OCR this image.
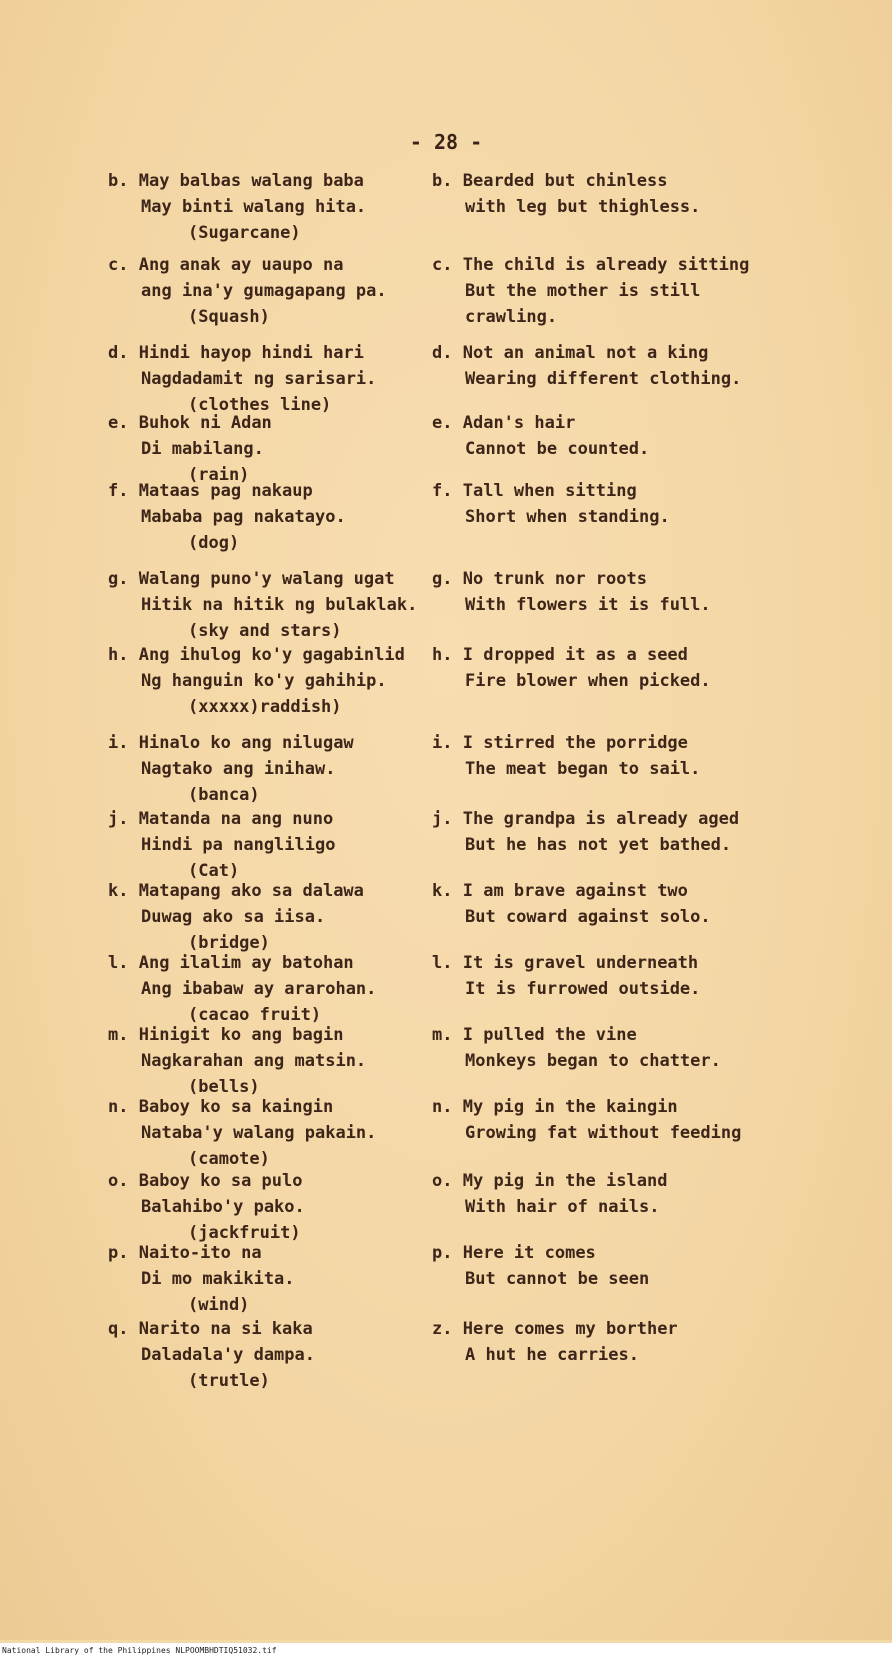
- 28 -
b. May balbas walang baba
May binti walang hita.
(Sugarcane)
b. Bearded but chinless
with leg but thighless.
c. Ang anak ay uaupo na
ang ina'y gumagapang pa.
(Squash)
c. The child is already sitting
But the mother is still
crawling.
d. Hindi hayop hindi hari
Nagdadamit ng sarisari.
(clothes line)
d. Not an animal not a king
Wearing different clothing.
e. Buhok ni Adan
Di mabilang.
(rain)
e. Adan's hair
Cannot be counted.
f. Mataas pag nakaup
Mababa pag nakatayo.
(dog)
f. Tall when sitting
Short when standing.
g. Walang puno'y walang ugat
Hitik na hitik ng bulaklak.
(sky and stars)
g. No trunk nor roots
With flowers it is full.
h. Ang ihulog ko'y gagabinlid
Ng hanguin ko'y gahihip.
(xxxxx)raddish)
h. I dropped it as a seed
Fire blower when picked.
i. Hinalo ko ang nilugaw
Nagtako ang inihaw.
(banca)
i. I stirred the porridge
The meat began to sail.
j. Matanda na ang nuno
Hindi pa nangliligo
(Cat)
j. The grandpa is already aged
But he has not yet bathed.
k. Matapang ako sa dalawa
Duwag ako sa iisa.
(bridge)
k. I am brave against two
But coward against solo.
l. Ang ilalim ay batohan
Ang ibabaw ay ararohan.
(cacao fruit)
l. It is gravel underneath
It is furrowed outside.
m. Hinigit ko ang bagin
Nagkarahan ang matsin.
(bells)
m. I pulled the vine
Monkeys began to chatter.
n. Baboy ko sa kaingin
Nataba'y walang pakain.
(camote)
n. My pig in the kaingin
Growing fat without feeding
o. Baboy ko sa pulo
Balahibo'y pako.
(jackfruit)
o. My pig in the island
With hair of nails.
p. Naito-ito na
Di mo makikita.
(wind)
p. Here it comes
But cannot be seen
q. Narito na si kaka
Daladala'y dampa.
(trutle)
z. Here comes my borther
A hut he carries.
National Library of the Philippines NLPOOMBHDTIQ51032.tif
